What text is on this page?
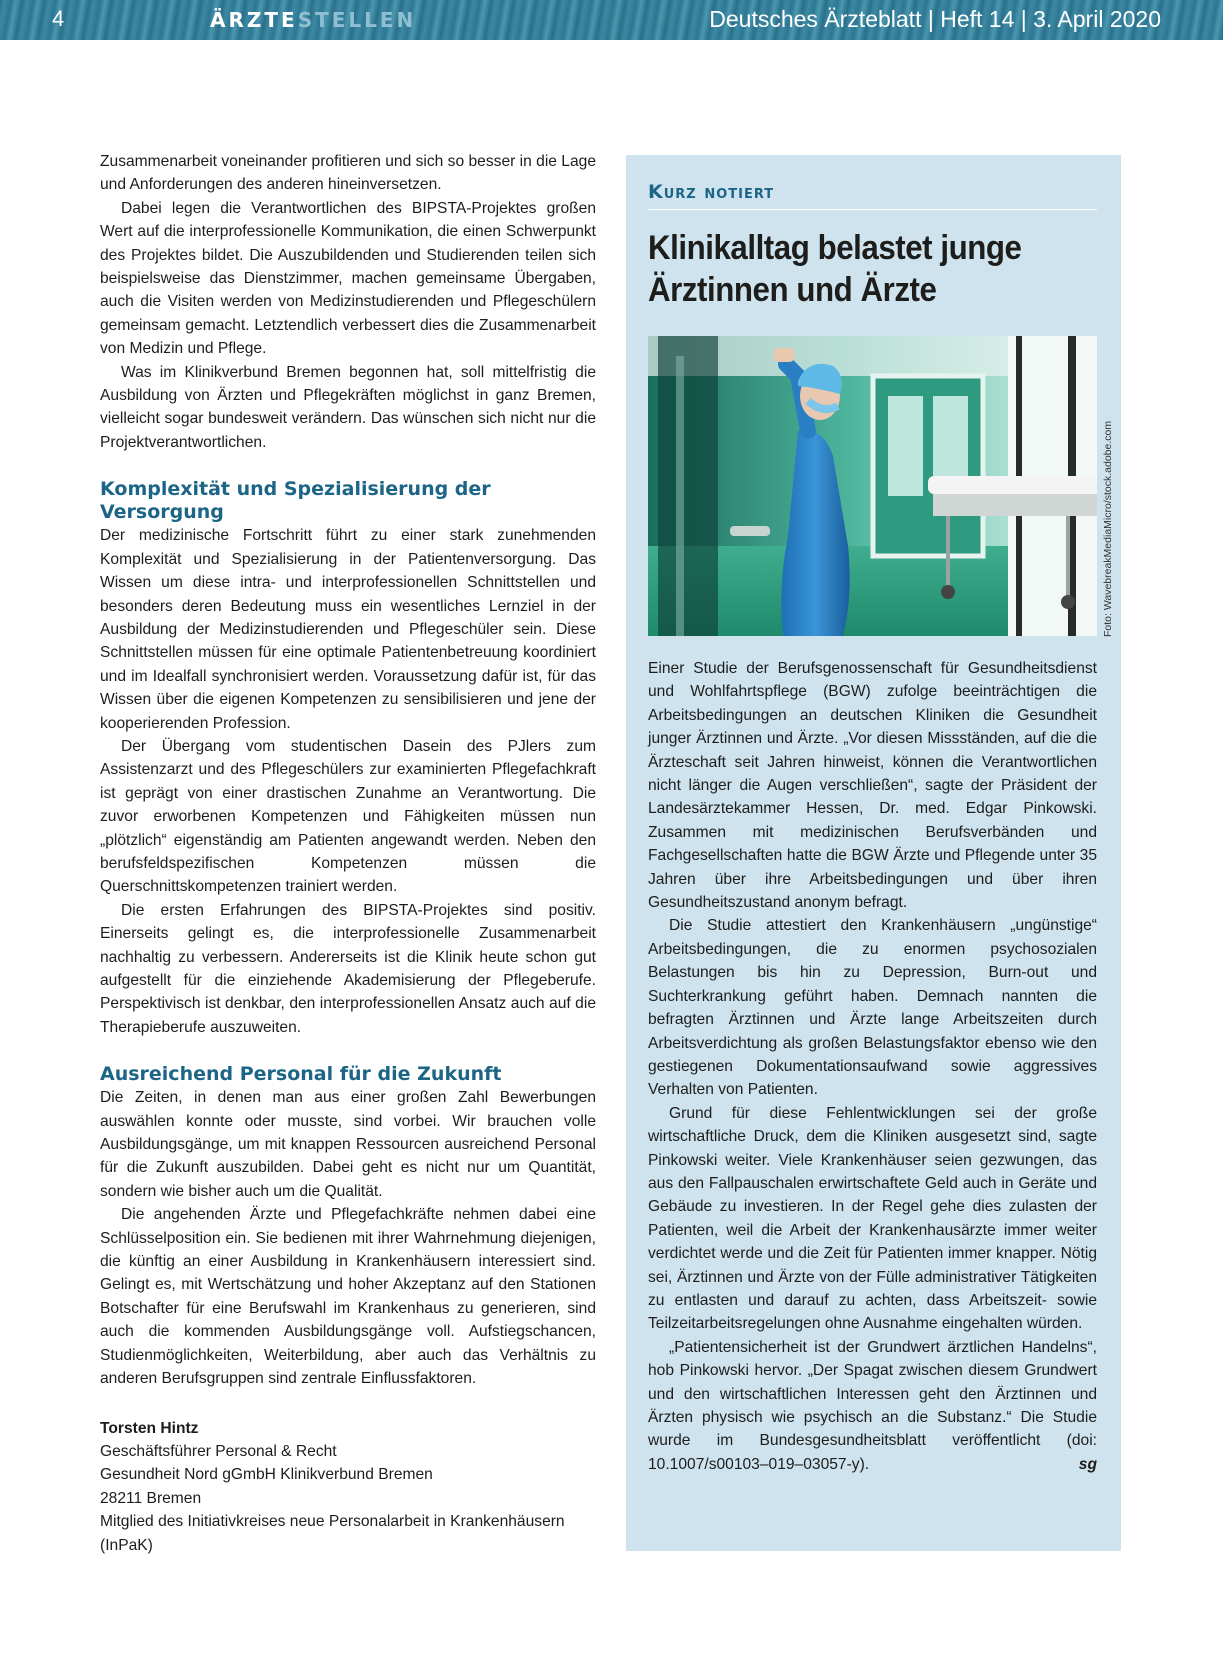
4	ÄRZTESTELLEN	Deutsches Ärzteblatt | Heft 14 | 3. April 2020

Zusammenarbeit voneinander profitieren und sich so besser in die Lage und Anforderungen des anderen hineinversetzen.

Dabei legen die Verantwortlichen des BIPSTA-Projektes großen Wert auf die interprofessionelle Kommunikation, die einen Schwerpunkt des Projektes bildet. Die Auszubildenden und Studierenden teilen sich beispielsweise das Dienstzimmer, machen gemeinsame Übergaben, auch die Visiten werden von Medizinstudierenden und Pflegeschülern gemeinsam gemacht. Letztendlich verbessert dies die Zusammenarbeit von Medizin und Pflege.

Was im Klinikverbund Bremen begonnen hat, soll mittelfristig die Ausbildung von Ärzten und Pflegekräften möglichst in ganz Bremen, vielleicht sogar bundesweit verändern. Das wünschen sich nicht nur die Projektverantwortlichen.

Komplexität und Spezialisierung der Versorgung

Der medizinische Fortschritt führt zu einer stark zunehmenden Komplexität und Spezialisierung in der Patientenversorgung. Das Wissen um diese intra- und interprofessionellen Schnittstellen und besonders deren Bedeutung muss ein wesentliches Lernziel in der Ausbildung der Medizinstudierenden und Pflegeschüler sein. Diese Schnittstellen müssen für eine optimale Patientenbetreuung koordiniert und im Idealfall synchronisiert werden. Voraussetzung dafür ist, für das Wissen über die eigenen Kompetenzen zu sensibilisieren und jene der kooperierenden Profession.

Der Übergang vom studentischen Dasein des PJlers zum Assistenzarzt und des Pflegeschülers zur examinierten Pflegefachkraft ist geprägt von einer drastischen Zunahme an Verantwortung. Die zuvor erworbenen Kompetenzen und Fähigkeiten müssen nun „plötzlich“ eigenständig am Patienten angewandt werden. Neben den berufsfeldspezifischen Kompetenzen müssen die Querschnittskompetenzen trainiert werden.

Die ersten Erfahrungen des BIPSTA-Projektes sind positiv. Einerseits gelingt es, die interprofessionelle Zusammenarbeit nachhaltig zu verbessern. Andererseits ist die Klinik heute schon gut aufgestellt für die einziehende Akademisierung der Pflegeberufe. Perspektivisch ist denkbar, den interprofessionellen Ansatz auch auf die Therapieberufe auszuweiten.

Ausreichend Personal für die Zukunft

Die Zeiten, in denen man aus einer großen Zahl Bewerbungen auswählen konnte oder musste, sind vorbei. Wir brauchen volle Ausbildungsgänge, um mit knappen Ressourcen ausreichend Personal für die Zukunft auszubilden. Dabei geht es nicht nur um Quantität, sondern wie bisher auch um die Qualität.

Die angehenden Ärzte und Pflegefachkräfte nehmen dabei eine Schlüsselposition ein. Sie bedienen mit ihrer Wahrnehmung diejenigen, die künftig an einer Ausbildung in Krankenhäusern interessiert sind. Gelingt es, mit Wertschätzung und hoher Akzeptanz auf den Stationen Botschafter für eine Berufswahl im Krankenhaus zu generieren, sind auch die kommenden Ausbildungsgänge voll. Aufstiegschancen, Studienmöglichkeiten, Weiterbildung, aber auch das Verhältnis zu anderen Berufsgruppen sind zentrale Einflussfaktoren.

Torsten Hintz
Geschäftsführer Personal & Recht
Gesundheit Nord gGmbH Klinikverbund Bremen
28211 Bremen
Mitglied des Initiativkreises neue Personalarbeit in Krankenhäusern (InPaK)
Kurz notiert
Klinikalltag belastet junge Ärztinnen und Ärzte
Foto: WavebreakMediaMicro/stock.adobe.com

Einer Studie der Berufsgenossenschaft für Gesundheitsdienst und Wohlfahrtspflege (BGW) zufolge beeinträchtigen die Arbeitsbedingungen an deutschen Kliniken die Gesundheit junger Ärztinnen und Ärzte. „Vor diesen Missständen, auf die die Ärzteschaft seit Jahren hinweist, können die Verantwortlichen nicht länger die Augen verschließen“, sagte der Präsident der Landesärztekammer Hessen, Dr. med. Edgar Pinkowski. Zusammen mit medizinischen Berufsverbänden und Fachgesellschaften hatte die BGW Ärzte und Pflegende unter 35 Jahren über ihre Arbeitsbedingungen und über ihren Gesundheitszustand anonym befragt.

Die Studie attestiert den Krankenhäusern „ungünstige“ Arbeitsbedingungen, die zu enormen psychosozialen Belastungen bis hin zu Depression, Burn-out und Suchterkrankung geführt haben. Demnach nannten die befragten Ärztinnen und Ärzte lange Arbeitszeiten durch Arbeitsverdichtung als großen Belastungsfaktor ebenso wie den gestiegenen Dokumentationsaufwand sowie aggressives Verhalten von Patienten.

Grund für diese Fehlentwicklungen sei der große wirtschaftliche Druck, dem die Kliniken ausgesetzt sind, sagte Pinkowski weiter. Viele Krankenhäuser seien gezwungen, das aus den Fallpauschalen erwirtschaftete Geld auch in Geräte und Gebäude zu investieren. In der Regel gehe dies zulasten der Patienten, weil die Arbeit der Krankenhausärzte immer weiter verdichtet werde und die Zeit für Patienten immer knapper. Nötig sei, Ärztinnen und Ärzte von der Fülle administrativer Tätigkeiten zu entlasten und darauf zu achten, dass Arbeitszeit- sowie Teilzeitarbeitsregelungen ohne Ausnahme eingehalten würden.

„Patientensicherheit ist der Grundwert ärztlichen Handelns“, hob Pinkowski hervor. „Der Spagat zwischen diesem Grundwert und den wirtschaftlichen Interessen geht den Ärztinnen und Ärzten physisch wie psychisch an die Substanz.“ Die Studie wurde im Bundesgesundheitsblatt veröffentlicht (doi: 10.1007/s00103–019–03057-y).	sg
